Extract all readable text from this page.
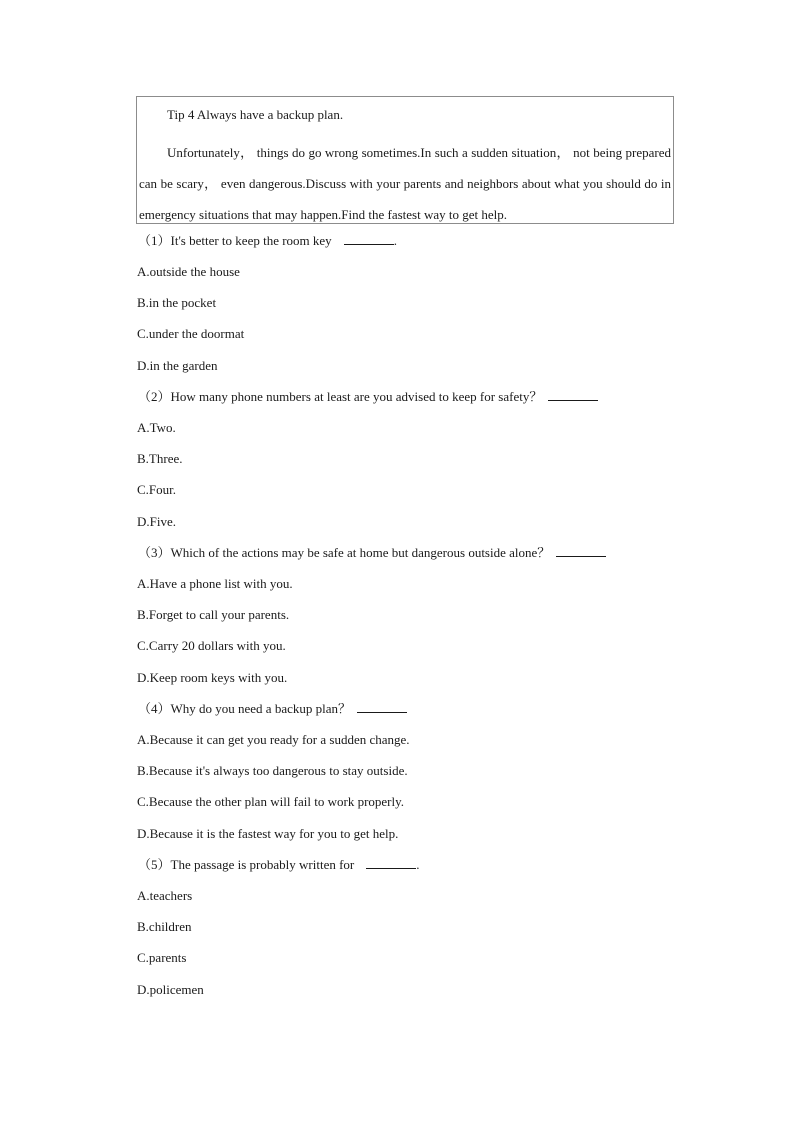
Tip 4 Always have a backup plan.
Unfortunately， things do go wrong sometimes.In such a sudden situation， not being prepared can be scary， even dangerous.Discuss with your parents and neighbors about what you should do in emergency situations that may happen.Find the fastest way to get help.
（1）It's better to keep the room key	.
A.outside the house
B.in the pocket
C.under the doormat
D.in the garden
（2）How many phone numbers at least are you advised to keep for safety？
A.Two.
B.Three.
C.Four.
D.Five.
（3）Which of the actions may be safe at home but dangerous outside alone？
A.Have a phone list with you.
B.Forget to call your parents.
C.Carry 20 dollars with you.
D.Keep room keys with you.
（4）Why do you need a backup plan？
A.Because it can get you ready for a sudden change.
B.Because it's always too dangerous to stay outside.
C.Because the other plan will fail to work properly.
D.Because it is the fastest way for you to get help.
（5）The passage is probably written for	.
A.teachers
B.children
C.parents
D.policemen
